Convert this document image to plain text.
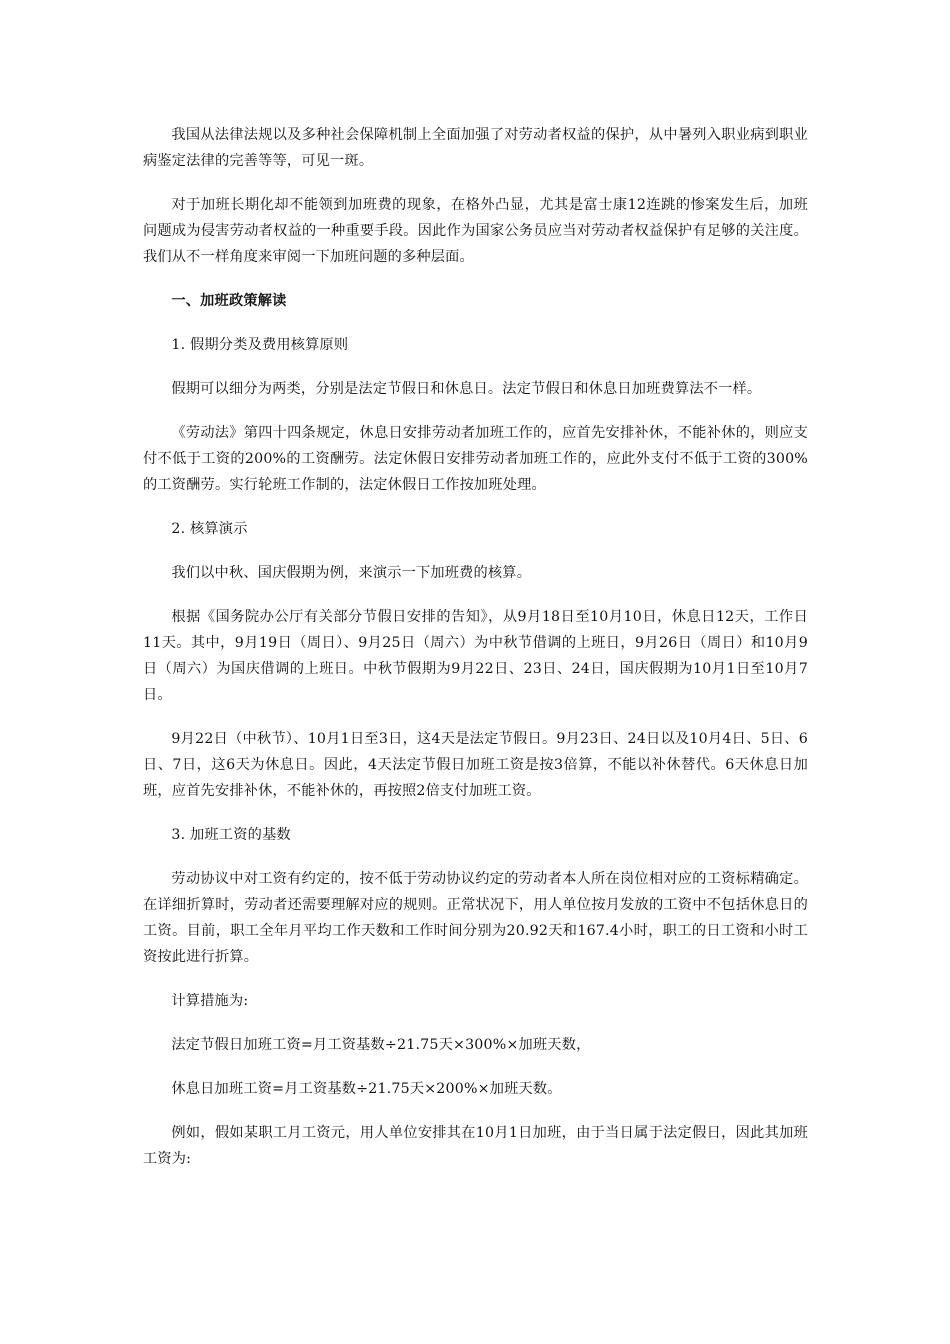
我国从法律法规以及多种社会保障机制上全面加强了对劳动者权益的保护，从中暑列入职业病到职业病鉴定法律的完善等等，可见一斑。

对于加班长期化却不能领到加班费的现象，在格外凸显，尤其是富士康12连跳的惨案发生后，加班问题成为侵害劳动者权益的一种重要手段。因此作为国家公务员应当对劳动者权益保护有足够的关注度。我们从不一样角度来审阅一下加班问题的多种层面。

一、加班政策解读

1. 假期分类及费用核算原则

假期可以细分为两类，分别是法定节假日和休息日。法定节假日和休息日加班费算法不一样。

《劳动法》第四十四条规定，休息日安排劳动者加班工作的，应首先安排补休，不能补休的，则应支付不低于工资的200%的工资酬劳。法定休假日安排劳动者加班工作的，应此外支付不低于工资的300%的工资酬劳。实行轮班工作制的，法定休假日工作按加班处理。

2. 核算演示

我们以中秋、国庆假期为例，来演示一下加班费的核算。

根据《国务院办公厅有关部分节假日安排的告知》，从9月18日至10月10日，休息日12天，工作日11天。其中，9月19日（周日）、9月25日（周六）为中秋节借调的上班日，9月26日（周日）和10月9日（周六）为国庆借调的上班日。中秋节假期为9月22日、23日、24日，国庆假期为10月1日至10月7日。

9月22日（中秋节）、10月1日至3日，这4天是法定节假日。9月23日、24日以及10月4日、5日、6日、7日，这6天为休息日。因此，4天法定节假日加班工资是按3倍算，不能以补休替代。6天休息日加班，应首先安排补休，不能补休的，再按照2倍支付加班工资。

3. 加班工资的基数

劳动协议中对工资有约定的，按不低于劳动协议约定的劳动者本人所在岗位相对应的工资标精确定。在详细折算时，劳动者还需要理解对应的规则。正常状况下，用人单位按月发放的工资中不包括休息日的工资。目前，职工全年月平均工作天数和工作时间分别为20.92天和167.4小时，职工的日工资和小时工资按此进行折算。

计算措施为:

法定节假日加班工资=月工资基数÷21.75天×300%×加班天数，

休息日加班工资=月工资基数÷21.75天×200%×加班天数。

例如，假如某职工月工资元，用人单位安排其在10月1日加班，由于当日属于法定假日，因此其加班工资为:
